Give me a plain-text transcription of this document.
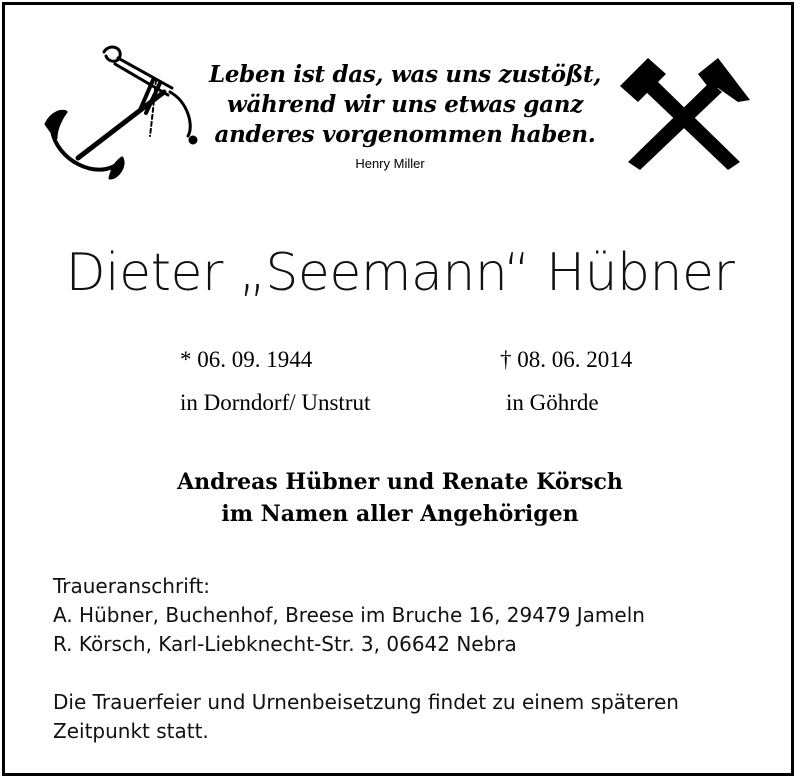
Leben ist das, was uns zustößt,
während wir uns etwas ganz
anderes vorgenommen haben.
Henry Miller
Dieter „Seemann“ Hübner
* 06. 09. 1944
in Dorndorf/ Unstrut
† 08. 06. 2014
in Göhrde
Andreas Hübner und Renate Körsch
im Namen aller Angehörigen
Traueranschrift:
A. Hübner, Buchenhof, Breese im Bruche 16, 29479 Jameln
R. Körsch, Karl-Liebknecht-Str. 3, 06642 Nebra
Die Trauerfeier und Urnenbeisetzung findet zu einem späteren
Zeitpunkt statt.
